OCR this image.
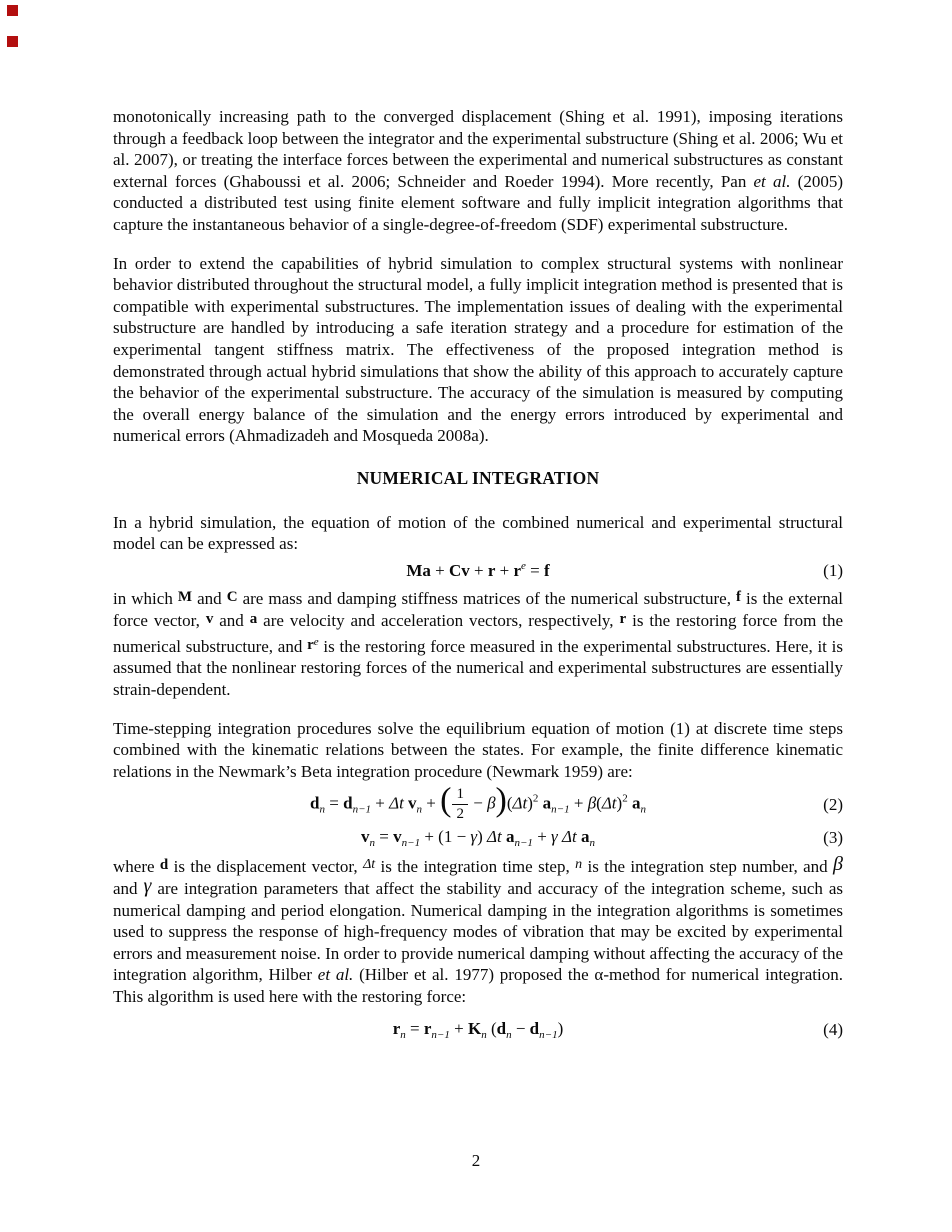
monotonically increasing path to the converged displacement (Shing et al. 1991), imposing iterations through a feedback loop between the integrator and the experimental substructure (Shing et al. 2006; Wu et al. 2007), or treating the interface forces between the experimental and numerical substructures as constant external forces (Ghaboussi et al. 2006; Schneider and Roeder 1994). More recently, Pan et al. (2005) conducted a distributed test using finite element software and fully implicit integration algorithms that capture the instantaneous behavior of a single-degree-of-freedom (SDF) experimental substructure.

In order to extend the capabilities of hybrid simulation to complex structural systems with nonlinear behavior distributed throughout the structural model, a fully implicit integration method is presented that is compatible with experimental substructures. The implementation issues of dealing with the experimental substructure are handled by introducing a safe iteration strategy and a procedure for estimation of the experimental tangent stiffness matrix. The effectiveness of the proposed integration method is demonstrated through actual hybrid simulations that show the ability of this approach to accurately capture the behavior of the experimental substructure. The accuracy of the simulation is measured by computing the overall energy balance of the simulation and the energy errors introduced by experimental and numerical errors (Ahmadizadeh and Mosqueda 2008a).

NUMERICAL INTEGRATION

In a hybrid simulation, the equation of motion of the combined numerical and experimental structural model can be expressed as:

$Ma + Cv + r + r^e = f$	(1)

in which M and C are mass and damping stiffness matrices of the numerical substructure, f is the external force vector, v and a are velocity and acceleration vectors, respectively, r is the restoring force from the numerical substructure, and $r^e$ is the restoring force measured in the experimental substructures. Here, it is assumed that the nonlinear restoring forces of the numerical and experimental substructures are essentially strain-dependent.

Time-stepping integration procedures solve the equilibrium equation of motion (1) at discrete time steps combined with the kinematic relations between the states. For example, the finite difference kinematic relations in the Newmark’s Beta integration procedure (Newmark 1959) are:

$d_n = d_{n-1} + \Delta t$ $v_n$ + ( $\frac{1}{2} - \beta)(\Delta t)^2$ $a_{n-1} + \beta(\Delta t)^2$ $a_n$	(2)
$v_n = v_{n-1} + (1 - \gamma)$ Δt $a_{n-1} + \gamma$ Δt $a_n$	(3)

where d is the displacement vector, $^{\Delta t}$ is the integration time step, $^n$ is the integration step number, and β and γ are integration parameters that affect the stability and accuracy of the integration scheme, such as numerical damping and period elongation. Numerical damping in the integration algorithms is sometimes used to suppress the response of high-frequency modes of vibration that may be excited by experimental errors and measurement noise. In order to provide numerical damping without affecting the accuracy of the integration algorithm, Hilber et al. (Hilber et al. 1977) proposed the α-method for numerical integration. This algorithm is used here with the restoring force:

$r_n = r_{n-1} + K_n$ $(d_n - d_{n-1})$	(4)
2
